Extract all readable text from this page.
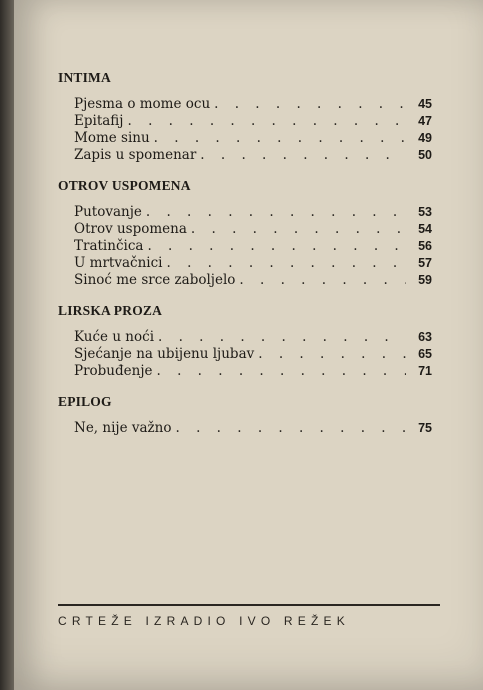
INTIMA
Pjesma o mome ocu . . .	45
Epitafij . . .	47
Mome sinu . . .	49
Zapis u spomenar . . .	50
OTROV USPOMENA
Putovanje . . .	53
Otrov uspomena . . .	54
Tratinčica . . .	56
U mrtvačnici . . .	57
Sinoć me srce zaboljelo . . .	59
LIRSKA PROZA
Kuće u noći . . .	63
Sjećanje na ubijenu ljubav . . .	65
Probuđenje . . .	71
EPILOG
Ne, nije važno . . .	75
CRTEŽE IZRADIO IVO REŽEK
